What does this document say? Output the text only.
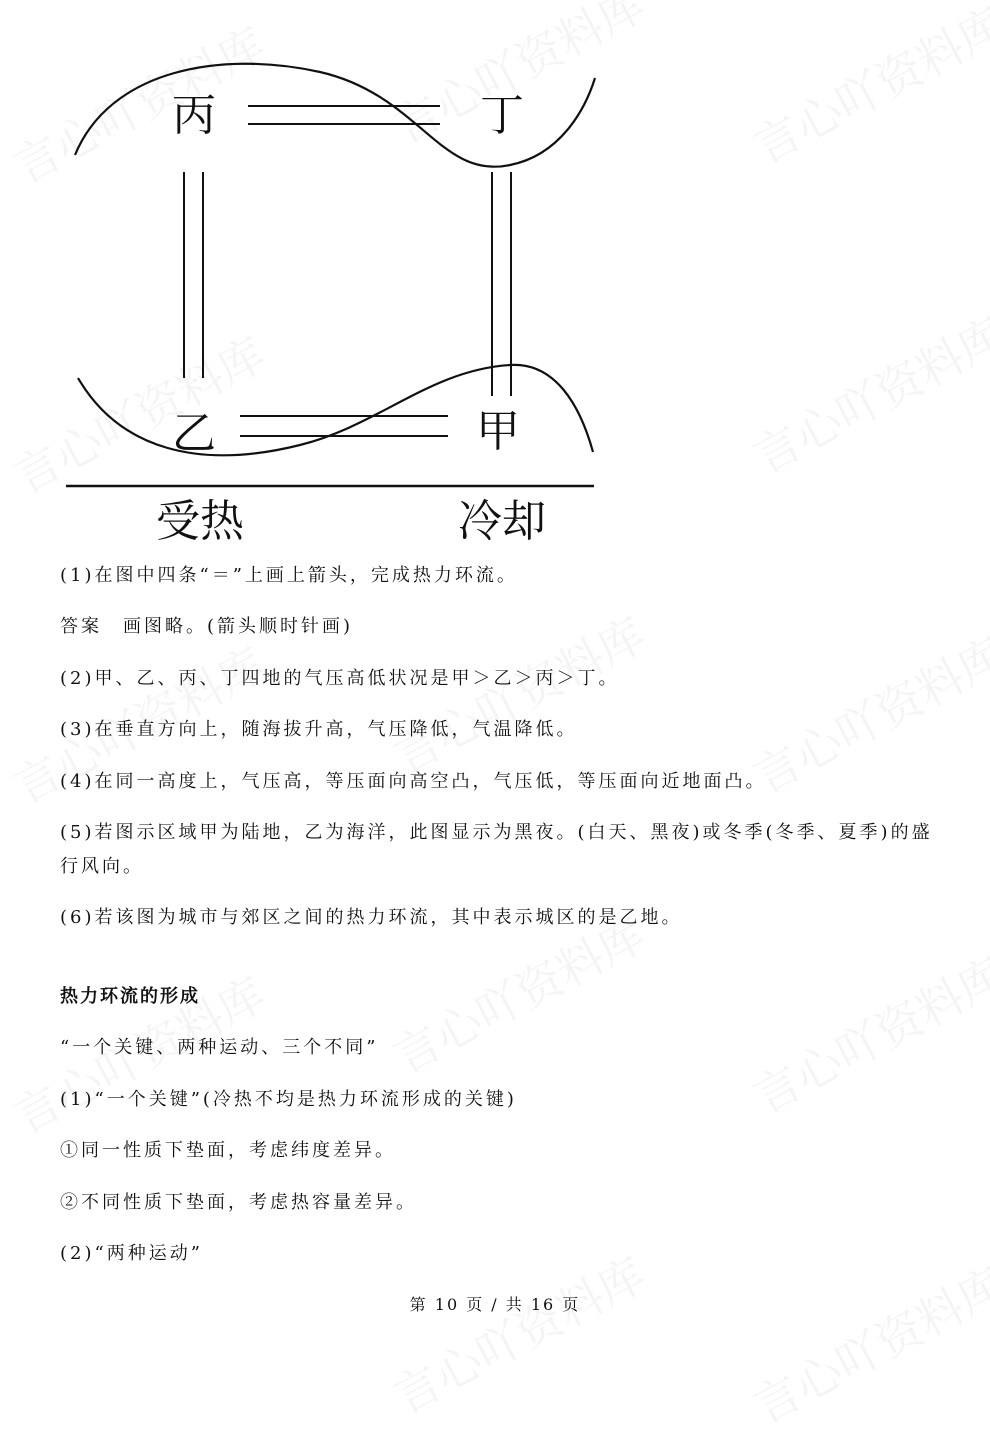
丙	丁
乙	甲
受热	冷却
(1)在图中四条“＝”上画上箭头，完成热力环流。
答案　画图略。(箭头顺时针画)
(2)甲、乙、丙、丁四地的气压高低状况是甲＞乙＞丙＞丁。
(3)在垂直方向上，随海拔升高，气压降低，气温降低。
(4)在同一高度上，气压高，等压面向高空凸，气压低，等压面向近地面凸。
(5)若图示区域甲为陆地，乙为海洋，此图显示为黑夜。(白天、黑夜)或冬季(冬季、夏季)的盛行风向。
(6)若该图为城市与郊区之间的热力环流，其中表示城区的是乙地。
热力环流的形成
“一个关键、两种运动、三个不同”
(1)“一个关键”(冷热不均是热力环流形成的关键)
①同一性质下垫面，考虑纬度差异。
②不同性质下垫面，考虑热容量差异。
(2)“两种运动”
第 10 页 / 共 16 页
